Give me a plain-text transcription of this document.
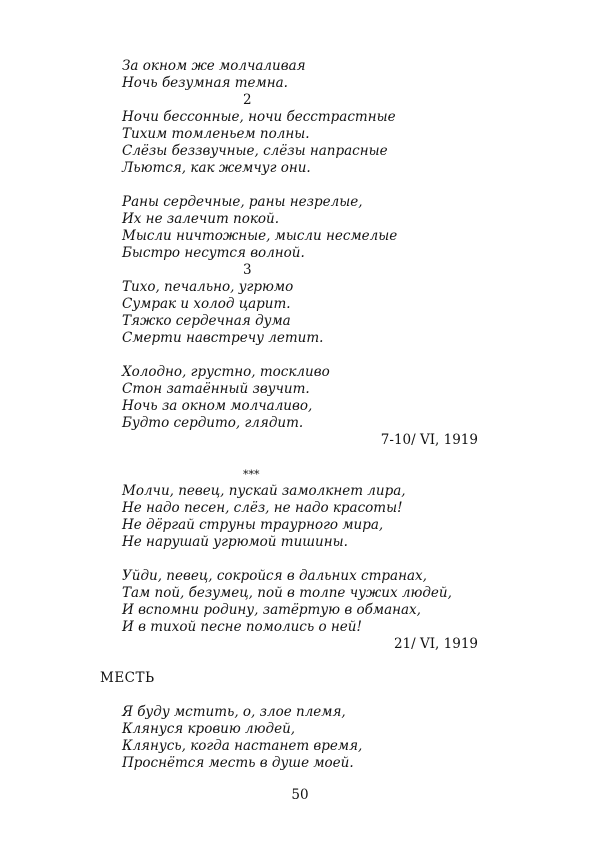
За окном же молчаливая
Ночь безумная темна.
2
Ночи бессонные, ночи бесстрастные
Тихим томленьем полны.
Слёзы беззвучные, слёзы напрасные
Льются, как жемчуг они.
Раны сердечные, раны незрелые,
Их не залечит покой.
Мысли ничтожные, мысли несмелые
Быстро несутся волной.
3
Тихо, печально, угрюмо
Сумрак и холод царит.
Тяжко сердечная дума
Смерти навстречу летит.
Холодно, грустно, тоскливо
Стон затаённый звучит.
Ночь за окном молчаливо,
Будто сердито, глядит.
7-10/ VI, 1919
***
Молчи, певец, пускай замолкнет лира,
Не надо песен, слёз, не надо красоты!
Не дёргай струны траурного мира,
Не нарушай угрюмой тишины.
Уйди, певец, сокройся в дальних странах,
Там пой, безумец, пой в толпе чужих людей,
И вспомни родину, затёртую в обманах,
И в тихой песне помолись о ней!
21/ VI, 1919
МЕСТЬ
Я буду мстить, о, злое племя,
Клянуся кровию людей,
Клянусь, когда настанет время,
Проснётся месть в душе моей.
50
